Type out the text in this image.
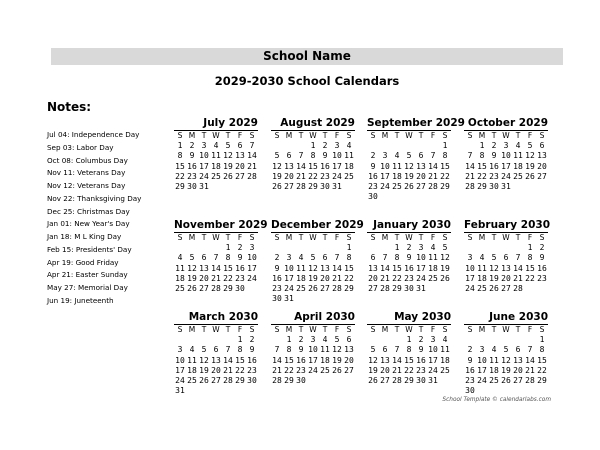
School Name
2029-2030 School Calendars
Notes:
Jul 04: Independence Day
Sep 03: Labor Day
Oct 08: Columbus Day
Nov 11: Veterans Day
Nov 12: Veterans Day
Nov 22: Thanksgiving Day
Dec 25: Christmas Day
Jan 01: New Year's Day
Jan 18: M L King Day
Feb 15: Presidents' Day
Apr 19: Good Friday
Apr 21: Easter Sunday
May 27: Memorial Day
Jun 19: Juneteenth
July 2029
S	M	T	W	T	F	S
1	2	3	4	5	6	7
8	9	10	11	12	13	14
15	16	17	18	19	20	21
22	23	24	25	26	27	28
29	30	31				
August 2029
S	M	T	W	T	F	S
			1	2	3	4
5	6	7	8	9	10	11
12	13	14	15	16	17	18
19	20	21	22	23	24	25
26	27	28	29	30	31	
September 2029
S	M	T	W	T	F	S
						1
2	3	4	5	6	7	8
9	10	11	12	13	14	15
16	17	18	19	20	21	22
23	24	25	26	27	28	29
30						
October 2029
S	M	T	W	T	F	S
	1	2	3	4	5	6
7	8	9	10	11	12	13
14	15	16	17	18	19	20
21	22	23	24	25	26	27
28	29	30	31			
November 2029
S	M	T	W	T	F	S
				1	2	3
4	5	6	7	8	9	10
11	12	13	14	15	16	17
18	19	20	21	22	23	24
25	26	27	28	29	30	
December 2029
S	M	T	W	T	F	S
						1
2	3	4	5	6	7	8
9	10	11	12	13	14	15
16	17	18	19	20	21	22
23	24	25	26	27	28	29
30	31					
January 2030
S	M	T	W	T	F	S
		1	2	3	4	5
6	7	8	9	10	11	12
13	14	15	16	17	18	19
20	21	22	23	24	25	26
27	28	29	30	31		
February 2030
S	M	T	W	T	F	S
					1	2
3	4	5	6	7	8	9
10	11	12	13	14	15	16
17	18	19	20	21	22	23
24	25	26	27	28		
March 2030
S	M	T	W	T	F	S
					1	2
3	4	5	6	7	8	9
10	11	12	13	14	15	16
17	18	19	20	21	22	23
24	25	26	27	28	29	30
31						
April 2030
S	M	T	W	T	F	S
	1	2	3	4	5	6
7	8	9	10	11	12	13
14	15	16	17	18	19	20
21	22	23	24	25	26	27
28	29	30				
May 2030
S	M	T	W	T	F	S
			1	2	3	4
5	6	7	8	9	10	11
12	13	14	15	16	17	18
19	20	21	22	23	24	25
26	27	28	29	30	31	
June 2030
S	M	T	W	T	F	S
						1
2	3	4	5	6	7	8
9	10	11	12	13	14	15
16	17	18	19	20	21	22
23	24	25	26	27	28	29
30						
School Template © calendarlabs.com
